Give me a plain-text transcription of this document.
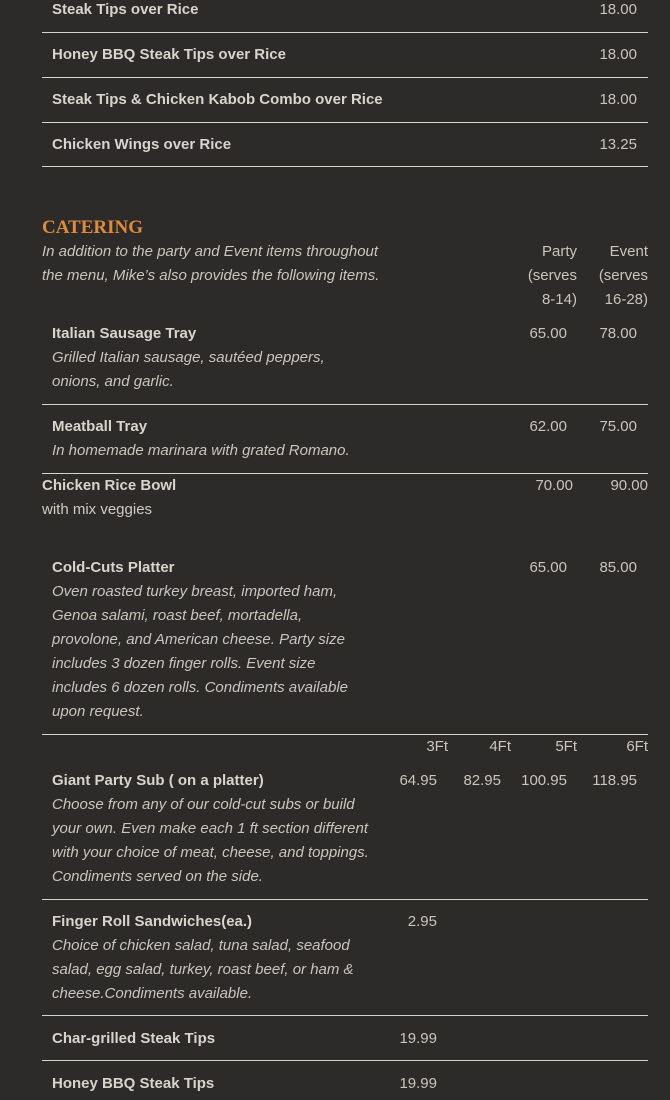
Steak Tips over Rice	18.00
Honey BBQ Steak Tips over Rice	18.00
Steak Tips & Chicken Kabob Combo over Rice	18.00
Chicken Wings over Rice	13.25
CATERING
In addition to the party and Event items throughout
the menu, Mike’s also provides the following items.
Party
(serves
8-14)
Event
(serves
16-28)
Italian Sausage Tray
Grilled Italian sausage, sautéed peppers,
onions, and garlic.
65.00	78.00
Meatball Tray
In homemade marinara with grated Romano.
62.00	75.00
Chicken Rice Bowl
with mix veggies
70.00	90.00
Cold-Cuts Platter
Oven roasted turkey breast, imported ham,
Genoa salami, roast beef, mortadella,
provolone, and American cheese. Party size
includes 3 dozen finger rolls. Event size
includes 6 dozen rolls. Condiments available
upon request.
65.00	85.00
3Ft	4Ft	5Ft	6Ft
Giant Party Sub ( on a platter)
Choose from any of our cold-cut subs or build
your own. Even make each 1 ft section different
with your choice of meat, cheese, and toppings.
Condiments served on the side.
64.95	82.95	100.95	118.95
Finger Roll Sandwiches(ea.)
Choice of chicken salad, tuna salad, seafood
salad, egg salad, turkey, roast beef, or ham &
cheese.Condiments available.
2.95
Char-grilled Steak Tips	19.99
Honey BBQ Steak Tips	19.99
